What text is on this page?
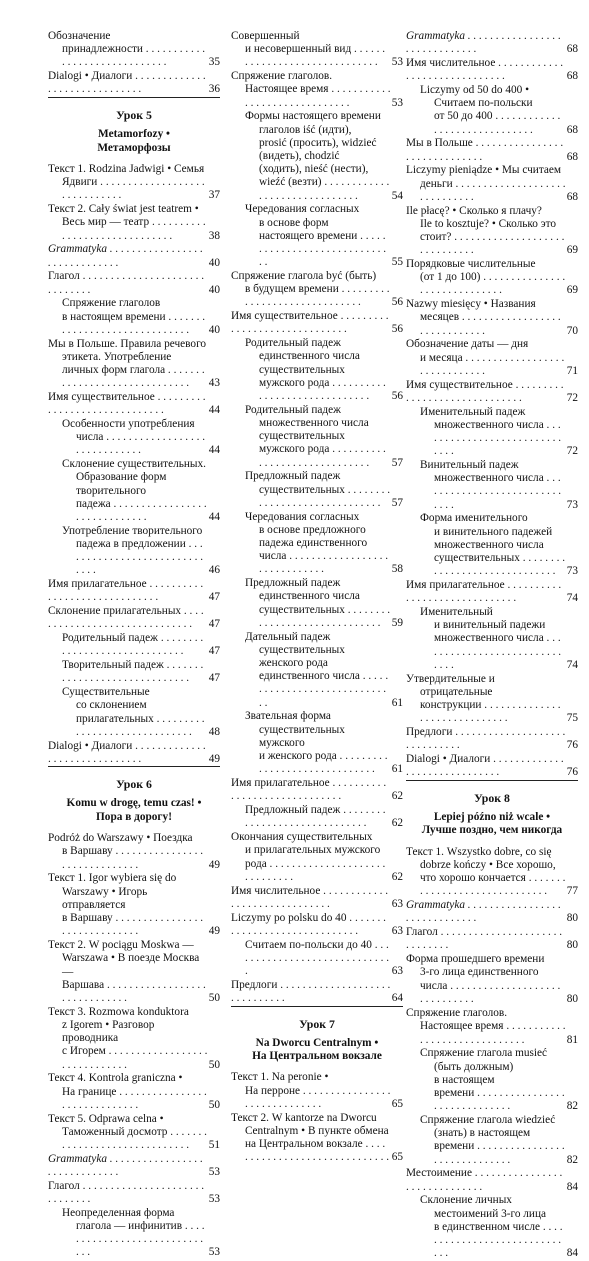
Обозначение
принадлежности . . . . . . . . . . . . . . . . . . . . . . . . . . . . . .	35
Dialogi • Диалоги . . . . . . . . . . . . . . . . . . . . . . . . . . . . . .	36
Урок 5
Metamorfozy •
Метаморфозы
Текст 1. Rodzina Jadwigi • Семья
Ядвиги . . . . . . . . . . . . . . . . . . . . . . . . . . . . . .	37
Текст 2. Cały świat jest teatrem •
Весь мир — театр . . . . . . . . . . . . . . . . . . . . . . . . . . . . . .	38
Grammatyka . . . . . . . . . . . . . . . . . . . . . . . . . . . . . .	40
Глагол . . . . . . . . . . . . . . . . . . . . . . . . . . . . . .	40
Спряжение глаголов
в настоящем времени . . . . . . . . . . . . . . . . . . . . . . . . . . . . . .	40
Мы в Польше. Правила речевого
этикета. Употребление
личных форм глагола . . . . . . . . . . . . . . . . . . . . . . . . . . . . . .	43
Имя существительное . . . . . . . . . . . . . . . . . . . . . . . . . . . . . .	44
Особенности употребления
числа . . . . . . . . . . . . . . . . . . . . . . . . . . . . . .	44
Склонение существительных.
Образование форм
творительного
падежа . . . . . . . . . . . . . . . . . . . . . . . . . . . . . .	44
Употребление творительного
падежа в предложении . . . . . . . . . . . . . . . . . . . . . . . . . . . . . .	46
Имя прилагательное . . . . . . . . . . . . . . . . . . . . . . . . . . . . . .	47
Склонение прилагательных . . . . . . . . . . . . . . . . . . . . . . . . . . . . . .	47
Родительный падеж . . . . . . . . . . . . . . . . . . . . . . . . . . . . . .	47
Творительный падеж . . . . . . . . . . . . . . . . . . . . . . . . . . . . . .	47
Существительные
со склонением
прилагательных . . . . . . . . . . . . . . . . . . . . . . . . . . . . . .	48
Dialogi • Диалоги . . . . . . . . . . . . . . . . . . . . . . . . . . . . . .	49
Урок 6
Komu w drogę, temu czas! •
Пора в дорогу!
Podróż do Warszawy • Поездка
в Варшаву . . . . . . . . . . . . . . . . . . . . . . . . . . . . . .	49
Текст 1. Igor wybiera się do
Warszawy • Игорь отправляется
в Варшаву . . . . . . . . . . . . . . . . . . . . . . . . . . . . . .	49
Текст 2. W pociągu Moskwa —
Warszawa • В поезде Москва —
Варшава . . . . . . . . . . . . . . . . . . . . . . . . . . . . . .	50
Текст 3. Rozmowa konduktora
z Igorem • Разговор проводника
с Игорем . . . . . . . . . . . . . . . . . . . . . . . . . . . . . .	50
Текст 4. Kontrola graniczna •
На границе . . . . . . . . . . . . . . . . . . . . . . . . . . . . . .	50
Текст 5. Odprawa celna •
Таможенный досмотр . . . . . . . . . . . . . . . . . . . . . . . . . . . . . .	51
Grammatyka . . . . . . . . . . . . . . . . . . . . . . . . . . . . . .	53
Глагол . . . . . . . . . . . . . . . . . . . . . . . . . . . . . .	53
Неопределенная форма
глагола — инфинитив . . . . . . . . . . . . . . . . . . . . . . . . . . . . . .	53
Совершенный
и несовершенный вид . . . . . . . . . . . . . . . . . . . . . . . . . . . . . .	53
Спряжение глаголов.
Настоящее время . . . . . . . . . . . . . . . . . . . . . . . . . . . . . .	53
Формы настоящего времени
глаголов iść (идти),
prosić (просить), widzieć
(видеть), chodzić
(ходить), nieść (нести),
wieźć (везти) . . . . . . . . . . . . . . . . . . . . . . . . . . . . . .	54
Чередования согласных
в основе форм
настоящего времени . . . . . . . . . . . . . . . . . . . . . . . . . . . . . .	55
Спряжение глагола być (быть)
в будущем времени . . . . . . . . . . . . . . . . . . . . . . . . . . . . . .	56
Имя существительное . . . . . . . . . . . . . . . . . . . . . . . . . . . . . .	56
Родительный падеж
единственного числа
существительных
мужского рода . . . . . . . . . . . . . . . . . . . . . . . . . . . . . .	56
Родительный падеж
множественного числа
существительных
мужского рода . . . . . . . . . . . . . . . . . . . . . . . . . . . . . .	57
Предложный падеж
существительных . . . . . . . . . . . . . . . . . . . . . . . . . . . . . . 57
Чередования согласных
в основе предложного
падежа единственного
числа . . . . . . . . . . . . . . . . . . . . . . . . . . . . . .	58
Предложный падеж
единственного числа
существительных . . . . . . . . . . . . . . . . . . . . . . . . . . . . . . 59
Дательный падеж
существительных
женского рода
единственного числа . . . . . . . . . . . . . . . . . . . . . . . . . . . . . .	61
Звательная форма
существительных мужского
и женского рода . . . . . . . . . . . . . . . . . . . . . . . . . . . . . .	61
Имя прилагательное . . . . . . . . . . . . . . . . . . . . . . . . . . . . . .	62
Предложный падеж . . . . . . . . . . . . . . . . . . . . . . . . . . . . . .	62
Окончания существительных
и прилагательных мужского
рода . . . . . . . . . . . . . . . . . . . . . . . . . . . . . .	62
Имя числительное . . . . . . . . . . . . . . . . . . . . . . . . . . . . . .	63
Liczymy po polsku do 40 . . . . . . . . . . . . . . . . . . . . . . . . . . . . . .	63
Считаем по-польски до 40 . . . . . . . . . . . . . . . . . . . . . . . . . . . . . .	63
Предлоги . . . . . . . . . . . . . . . . . . . . . . . . . . . . . .	64
Урок 7
Na Dworcu Centralnym •
На Центральном вокзале
Текст 1. Na peronie •
На перроне . . . . . . . . . . . . . . . . . . . . . . . . . . . . . .	65
Текст 2. W kantorze na Dworcu
Centralnym • В пункте обмена
на Центральном вокзале . . . . . . . . . . . . . . . . . . . . . . . . . . . . . . 65
Grammatyka . . . . . . . . . . . . . . . . . . . . . . . . . . . . . .	68
Имя числительное . . . . . . . . . . . . . . . . . . . . . . . . . . . . . .	68
Liczymy od 50 do 400 •
Считаем по-польски
от 50 до 400 . . . . . . . . . . . . . . . . . . . . . . . . . . . . . .	68
Мы в Польше . . . . . . . . . . . . . . . . . . . . . . . . . . . . . .	68
Liczymy pieniądze • Мы считаем
деньги . . . . . . . . . . . . . . . . . . . . . . . . . . . . . .	68
Ile płacę? • Сколько я плачу?
Ile to kosztuje? • Сколько это
стоит? . . . . . . . . . . . . . . . . . . . . . . . . . . . . . .	69
Порядковые числительные
(от 1 до 100) . . . . . . . . . . . . . . . . . . . . . . . . . . . . . .	69
Nazwy miesięcy • Названия
месяцев . . . . . . . . . . . . . . . . . . . . . . . . . . . . . .	70
Обозначение даты — дня
и месяца . . . . . . . . . . . . . . . . . . . . . . . . . . . . . .	71
Имя существительное . . . . . . . . . . . . . . . . . . . . . . . . . . . . . .	72
Именительный падеж
множественного числа . . . . . . . . . . . . . . . . . . . . . . . . . . . . . .	72
Винительный падеж
множественного числа . . . . . . . . . . . . . . . . . . . . . . . . . . . . . .	73
Форма именительного
и винительного падежей
множественного числа
существительных . . . . . . . . . . . . . . . . . . . . . . . . . . . . . . 73
Имя прилагательное . . . . . . . . . . . . . . . . . . . . . . . . . . . . . .	74
Именительный
и винительный падежи
множественного числа . . . . . . . . . . . . . . . . . . . . . . . . . . . . . .	74
Утвердительные и отрицательные
конструкции . . . . . . . . . . . . . . . . . . . . . . . . . . . . . .	75
Предлоги . . . . . . . . . . . . . . . . . . . . . . . . . . . . . .	76
Dialogi • Диалоги . . . . . . . . . . . . . . . . . . . . . . . . . . . . . .	76
Урок 8
Lepiej późno niż wcale •
Лучше поздно, чем никогда
Текст 1. Wszystko dobre, co się
dobrze kończy • Все хорошо,
что хорошо кончается . . . . . . . . . . . . . . . . . . . . . . . . . . . . . .	77
Grammatyka . . . . . . . . . . . . . . . . . . . . . . . . . . . . . .	80
Глагол . . . . . . . . . . . . . . . . . . . . . . . . . . . . . .	80
Форма прошедшего времени
3-го лица единственного
числа . . . . . . . . . . . . . . . . . . . . . . . . . . . . . .	80
Спряжение глаголов.
Настоящее время . . . . . . . . . . . . . . . . . . . . . . . . . . . . . .	81
Спряжение глагола musieć
(быть должным)
в настоящем
времени . . . . . . . . . . . . . . . . . . . . . . . . . . . . . .	82
Спряжение глагола wiedzieć
(знать) в настоящем
времени . . . . . . . . . . . . . . . . . . . . . . . . . . . . . .	82
Местоимение . . . . . . . . . . . . . . . . . . . . . . . . . . . . . .	84
Склонение личных
местоимений 3-го лица
в единственном числе . . . . . . . . . . . . . . . . . . . . . . . . . . . . . .	84
